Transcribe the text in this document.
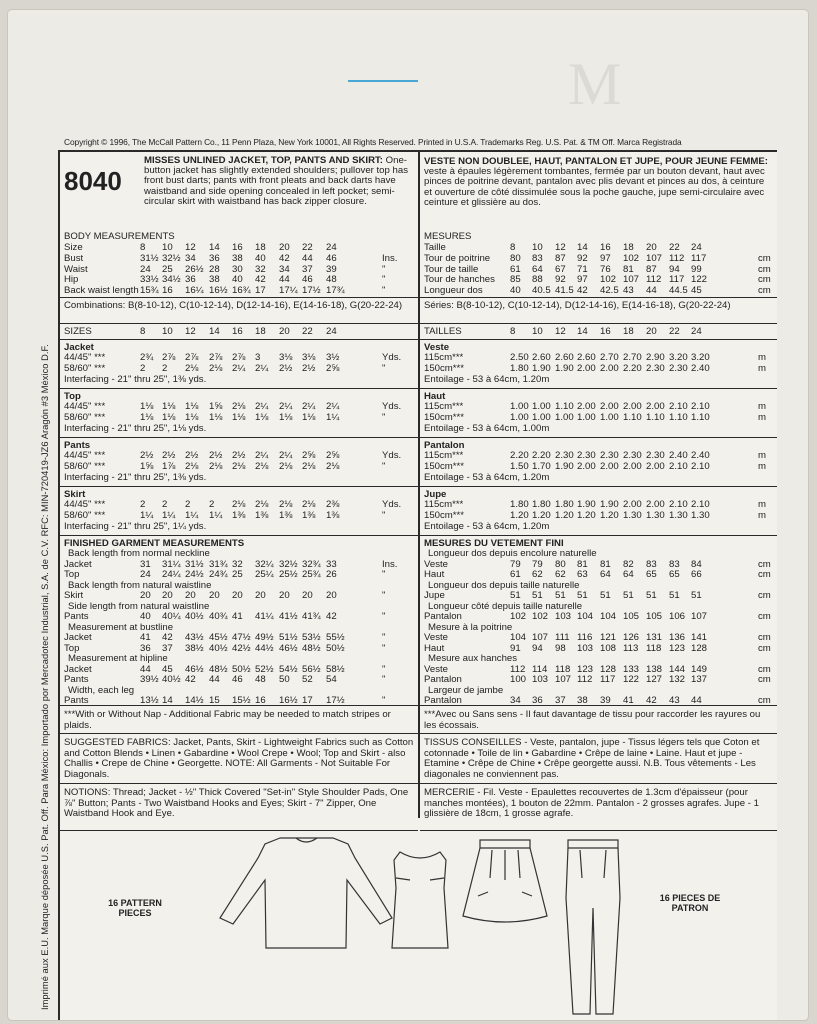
M
Copyright © 1996, The McCall Pattern Co., 11 Penn Plaza, New York 10001, All Rights Reserved. Printed in U.S.A. Trademarks Reg. U.S. Pat. & TM Off. Marca Registrada
Imprimé aux E.U. Marque déposée U.S. Pat. Off. Para México: Importado por Mercadotec Industrial, S.A. de C.V. RFC: MIN-720419-JZ6 Aragón #3 México D.F.
8040
MISSES UNLINED JACKET, TOP, PANTS AND SKIRT: One-button jacket has slightly extended shoulders; pullover top has front bust darts; pants with front pleats and back darts have waistband and side opening concealed in left pocket; semi-circular skirt with waistband has back zipper closure.
BODY MEASUREMENTS
Size	8 10 12 14 16 18 20 22 24
Bust	31½ 32½ 34 36 38 40 42 44 46	Ins.
Waist	24 25 26½ 28 30 32 34 37 39	"
Hip	33½ 34½ 36 38 40 42 44 46 48	"
Back waist length 15¾ 16 16¼ 16½ 16¾ 17 17¼ 17½ 17¾	"
Combinations: B(8-10-12), C(10-12-14), D(12-14-16), E(14-16-18), G(20-22-24)
SIZES	8 10 12 14 16 18 20 22 24
Jacket
44/45" ***	2¾ 2⅞ 2⅞ 2⅞ 2⅞ 3 3⅛ 3⅛ 3½	Yds.
58/60" ***	2 2 2⅛ 2⅛ 2¼ 2¼ 2½ 2½ 2⅝	"
Interfacing - 21" thru 25", 1⅜ yds.
Top
44/45" ***	1⅛ 1⅛ 1⅛ 1⅝ 2⅛ 2¼ 2¼ 2¼ 2¼	Yds.
58/60" ***	1⅛ 1⅛ 1⅛ 1⅛ 1⅛ 1⅛ 1⅛ 1⅛ 1¼	"
Interfacing - 21" thru 25", 1⅛ yds.
Pants
44/45" ***	2½ 2½ 2½ 2½ 2½ 2¼ 2¼ 2⅝ 2⅝	Yds.
58/60" ***	1⅝ 1⅞ 2⅛ 2⅛ 2⅛ 2⅛ 2⅛ 2⅛ 2⅛	"
Interfacing - 21" thru 25", 1⅜ yds.
Skirt
44/45" ***	2 2 2 2 2⅛ 2⅛ 2⅛ 2⅛ 2⅜	Yds.
58/60" ***	1¼ 1¼ 1¼ 1¼ 1⅜ 1⅜ 1⅜ 1⅜ 1⅜	"
Interfacing - 21" thru 25", 1¼ yds.
FINISHED GARMENT MEASUREMENTS
Back length from normal neckline
Jacket	31 31¼ 31½ 31¾ 32 32¼ 32½ 32¾ 33	Ins.
Top	24 24¼ 24½ 24¾ 25 25¼ 25½ 25¾ 26	"
Back length from natural waistline
Skirt	20 20 20 20 20 20 20 20 20	"
Side length from natural waistline
Pants	40 40¼ 40½ 40¾ 41 41¼ 41½ 41¾ 42	"
Measurement at bustline
Jacket	41 42 43½ 45½ 47½ 49½ 51½ 53½ 55½	"
Top	36 37 38½ 40½ 42½ 44½ 46½ 48½ 50½	"
Measurement at hipline
Jacket	44 45 46½ 48½ 50½ 52½ 54½ 56½ 58½	"
Pants	39½ 40½ 42 44 46 48 50 52 54	"
Width, each leg
Pants	13½ 14 14½ 15 15½ 16 16½ 17 17½	"
***With or Without Nap - Additional Fabric may be needed to match stripes or plaids.
SUGGESTED FABRICS: Jacket, Pants, Skirt - Lightweight Fabrics such as Cotton and Cotton Blends • Linen • Gabardine • Wool Crepe • Wool; Top and Skirt - also Challis • Crepe de Chine • Georgette. NOTE: All Garments - Not Suitable For Diagonals.
NOTIONS: Thread; Jacket - ½" Thick Covered "Set-in" Style Shoulder Pads, One ⅞" Button; Pants - Two Waistband Hooks and Eyes; Skirt - 7" Zipper, One Waistband Hook and Eye.
VESTE NON DOUBLEE, HAUT, PANTALON ET JUPE, POUR JEUNE FEMME: veste à épaules légèrement tombantes, fermée par un bouton devant, haut avec pinces de poitrine devant, pantalon avec plis devant et pinces au dos, à ceinture et ouverture de côté dissimulée sous la poche gauche, jupe semi-circulaire avec ceinture et glissière au dos.
MESURES
Taille	8 10 12 14 16 18 20 22 24
Tour de poitrine 80 83 87 92 97 102 107 112 117	cm
Tour de taille	61 64 67 71 76 81 87 94 99	cm
Tour de hanches 85 88 92 97 102 107 112 117 122	cm
Longueur dos	40 40.5 41.5 42 42.5 43 44 44.5 45	cm
Séries: B(8-10-12), C(10-12-14), D(12-14-16), E(14-16-18), G(20-22-24)
TAILLES	8 10 12 14 16 18 20 22 24
Veste
115cm***	2.50 2.60 2.60 2.60 2.70 2.70 2.90 3.20 3.20	m
150cm***	1.80 1.90 1.90 2.00 2.00 2.20 2.30 2.30 2.40	m
Entoilage - 53 à 64cm, 1.20m
Haut
115cm***	1.00 1.00 1.10 2.00 2.00 2.00 2.00 2.10 2.10	m
150cm***	1.00 1.00 1.00 1.00 1.00 1.10 1.10 1.10 1.10	m
Entoilage - 53 à 64cm, 1.00m
Pantalon
115cm***	2.20 2.20 2.30 2.30 2.30 2.30 2.30 2.40 2.40	m
150cm***	1.50 1.70 1.90 2.00 2.00 2.00 2.00 2.10 2.10	m
Entoilage - 53 à 64cm, 1.20m
Jupe
115cm***	1.80 1.80 1.80 1.90 1.90 2.00 2.00 2.10 2.10	m
150cm***	1.20 1.20 1.20 1.20 1.20 1.30 1.30 1.30 1.30	m
Entoilage - 53 à 64cm, 1.20m
MESURES DU VETEMENT FINI
Longueur dos depuis encolure naturelle
Veste	79 79 80 81 81 82 83 83 84	cm
Haut	61 62 62 63 64 64 65 65 66	cm
Longueur dos depuis taille naturelle
Jupe	51 51 51 51 51 51 51 51 51	cm
Longueur côté depuis taille naturelle
Pantalon	102 102 103 104 104 105 105 106 107	cm
Mesure à la poitrine
Veste	104 107 111 116 121 126 131 136 141	cm
Haut	91 94 98 103 108 113 118 123 128	cm
Mesure aux hanches
Veste	112 114 118 123 128 133 138 144 149	cm
Pantalon	100 103 107 112 117 122 127 132 137	cm
Largeur de jambe
Pantalon	34 36 37 38 39 41 42 43 44	cm
***Avec ou Sans sens - Il faut davantage de tissu pour raccorder les rayures ou les écossais.
TISSUS CONSEILLES - Veste, pantalon, jupe - Tissus légers tels que Coton et cotonnade • Toile de lin • Gabardine • Crêpe de laine • Laine. Haut et jupe - Etamine • Crêpe de Chine • Crêpe georgette aussi. N.B. Tous vêtements - Les diagonales ne conviennent pas.
MERCERIE - Fil. Veste - Epaulettes recouvertes de 1.3cm d'épaisseur (pour manches montées), 1 bouton de 22mm. Pantalon - 2 grosses agrafes. Jupe - 1 glissière de 18cm, 1 grosse agrafe.
16 PATTERN PIECES
16 PIECES DE PATRON
